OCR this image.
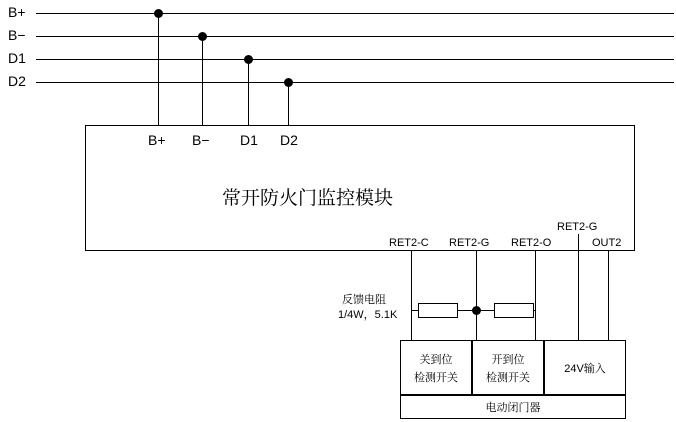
B+
B−
D1
D2
B+ B− D1 D2
常开防火门监控模块
RET2-C RET2-G RET2-O	OUT2
RET2-G
反馈电阻
1/4W，5.1K
关到位
检测开关
开到位
检测开关
24V输入
电动闭门器
